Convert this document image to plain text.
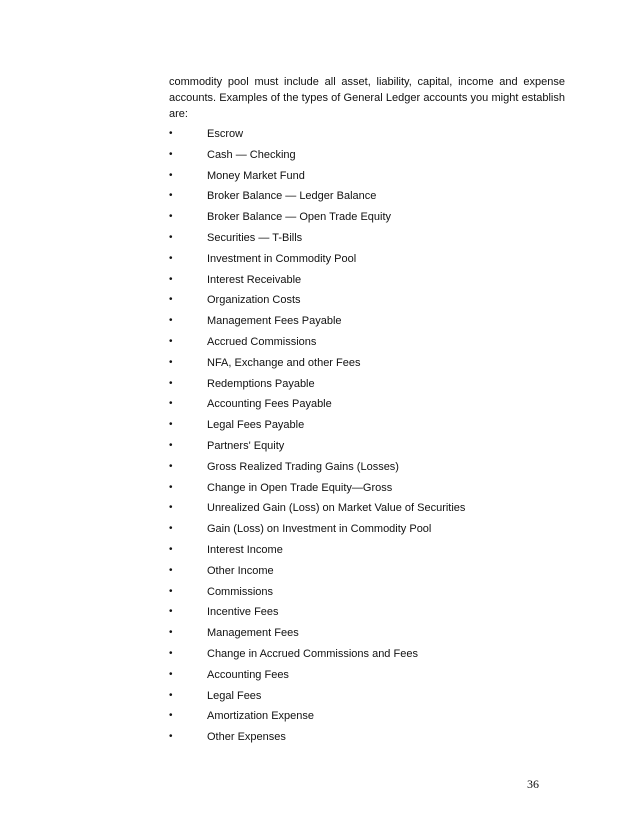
commodity pool must include all asset, liability, capital, income and expense accounts. Examples of the types of General Ledger accounts you might establish are:

•	Escrow
•	Cash — Checking
•	Money Market Fund
•	Broker Balance — Ledger Balance
•	Broker Balance — Open Trade Equity
•	Securities — T-Bills
•	Investment in Commodity Pool
•	Interest Receivable
•	Organization Costs
•	Management Fees Payable
•	Accrued Commissions
•	NFA, Exchange and other Fees
•	Redemptions Payable
•	Accounting Fees Payable
•	Legal Fees Payable
•	Partners' Equity
•	Gross Realized Trading Gains (Losses)
•	Change in Open Trade Equity—Gross
•	Unrealized Gain (Loss) on Market Value of Securities
•	Gain (Loss) on Investment in Commodity Pool
•	Interest Income
•	Other Income
•	Commissions
•	Incentive Fees
•	Management Fees
•	Change in Accrued Commissions and Fees
•	Accounting Fees
•	Legal Fees
•	Amortization Expense
•	Other Expenses
36
